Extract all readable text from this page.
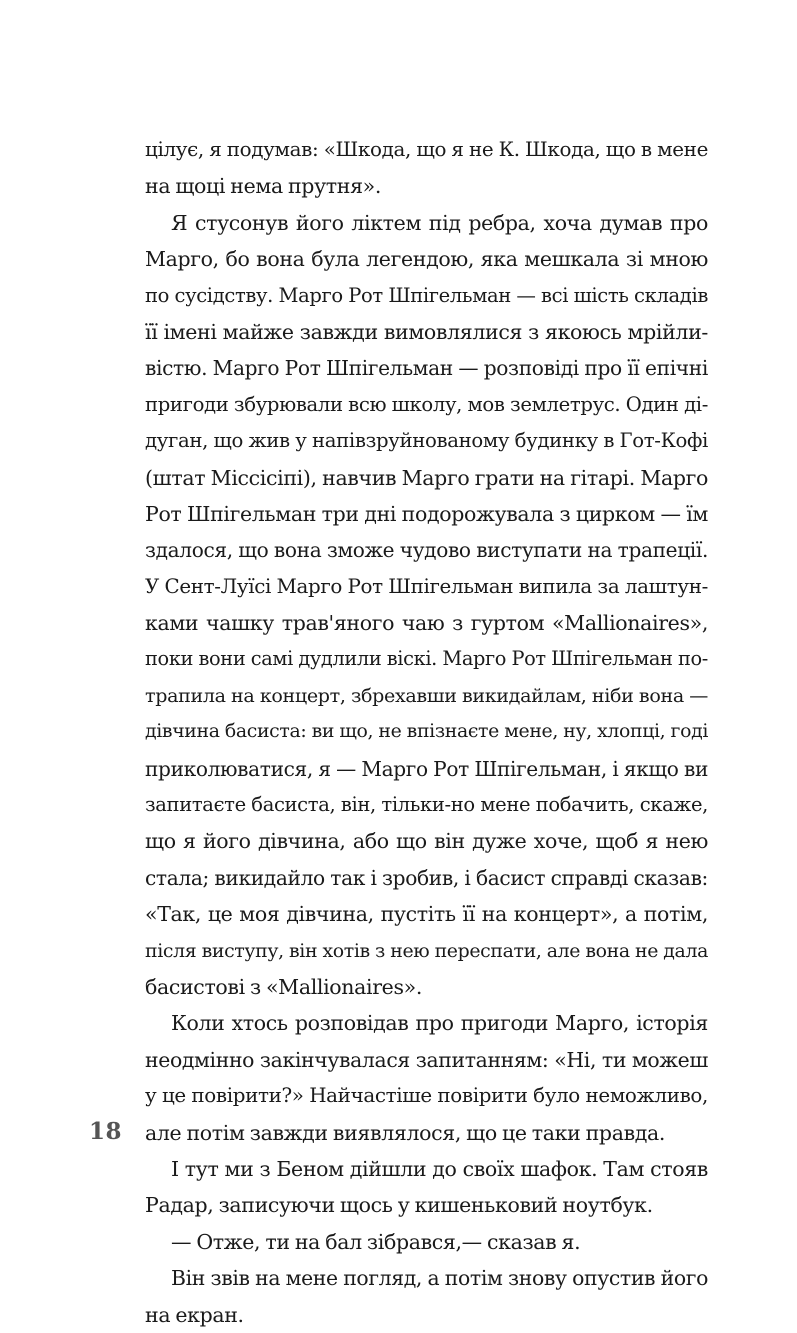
цілує, я подумав: «Шкода, що я не К. Шкода, що в мене
на щоці нема прутня».
Я стусонув його ліктем під ребра, хоча думав про
Марго, бо вона була легендою, яка мешкала зі мною
по сусідству. Марго Рот Шпігельман — всі шість складів
її імені майже завжди вимовлялися з якоюсь мрійли-
вістю. Марго Рот Шпігельман — розповіді про її епічні
пригоди збурювали всю школу, мов землетрус. Один ді-
дуган, що жив у напівзруйнованому будинку в Гот-Кофі
(штат Міссісіпі), навчив Марго грати на гітарі. Марго
Рот Шпігельман три дні подорожувала з цирком — їм
здалося, що вона зможе чудово виступати на трапеції.
У Сент-Луїсі Марго Рот Шпігельман випила за лаштун-
ками чашку трав'яного чаю з гуртом «Mallionaires»,
поки вони самі дудлили віскі. Марго Рот Шпігельман по-
трапила на концерт, збрехавши викидайлам, ніби вона —
дівчина басиста: ви що, не впізнаєте мене, ну, хлопці, годі
приколюватися, я — Марго Рот Шпігельман, і якщо ви
запитаєте басиста, він, тільки-но мене побачить, скаже,
що я його дівчина, або що він дуже хоче, щоб я нею
стала; викидайло так і зробив, і басист справді сказав:
«Так, це моя дівчина, пустіть її на концерт», а потім,
після виступу, він хотів з нею переспати, але вона не дала
басистові з «Mallionaires».
Коли хтось розповідав про пригоди Марго, історія
неодмінно закінчувалася запитанням: «Ні, ти можеш
у це повірити?» Найчастіше повірити було неможливо,
але потім завжди виявлялося, що це таки правда.
І тут ми з Беном дійшли до своїх шафок. Там стояв
Радар, записуючи щось у кишеньковий ноутбук.
— Отже, ти на бал зібрався,— сказав я.
Він звів на мене погляд, а потім знову опустив його
на екран.
18
